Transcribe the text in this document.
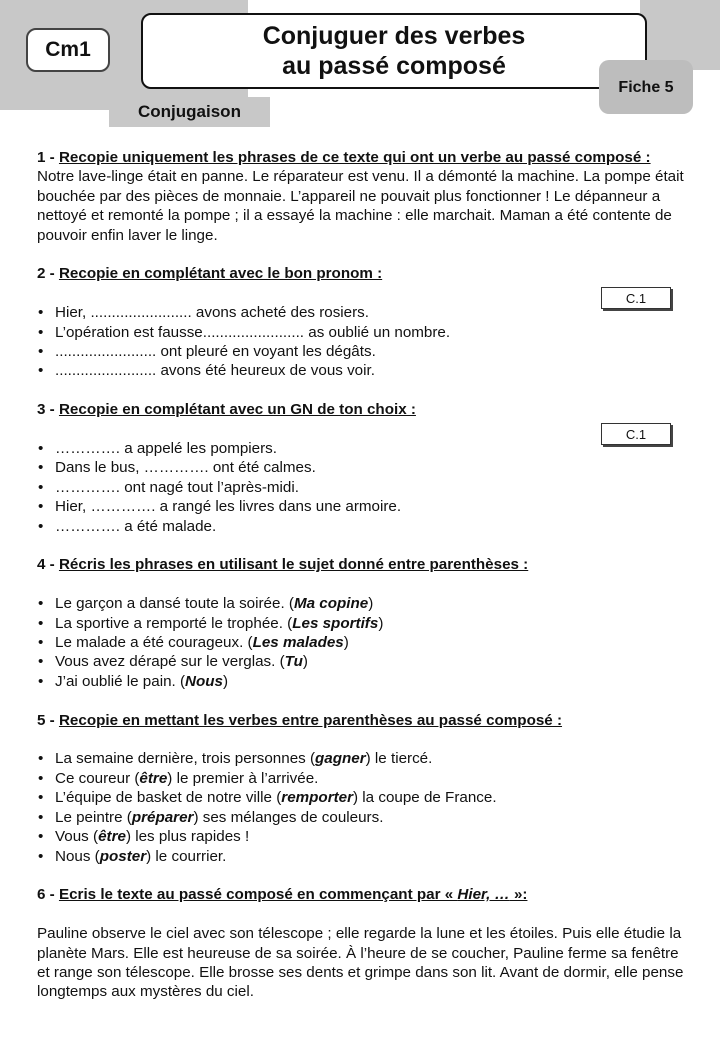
Cm1	Conjuguer des verbes
au passé composé
Fiche 5
Conjugaison
C.1
C.1
1 - Recopie uniquement les phrases de ce texte qui ont un verbe au passé composé :
Notre lave-linge était en panne. Le réparateur est venu. Il a démonté la machine. La pompe était bouchée par des pièces de monnaie. L’appareil ne pouvait plus fonctionner ! Le dépanneur a nettoyé et remonté la pompe ; il a essayé la machine : elle marchait. Maman a été contente de pouvoir enfin laver le linge.
2 - Recopie en complétant avec le bon pronom :
• Hier, ........................ avons acheté des rosiers.
• L’opération est fausse........................ as oublié un nombre.
• ........................ ont pleuré en voyant les dégâts.
• ........................ avons été heureux de vous voir.
3 - Recopie en complétant avec un GN de ton choix :
• …………. a appelé les pompiers.
• Dans le bus, …………. ont été calmes.
• …………. ont nagé tout l’après-midi.
• Hier, …………. a rangé les livres dans une armoire.
• …………. a été malade.
4 - Récris les phrases en utilisant le sujet donné entre parenthèses :
• Le garçon a dansé toute la soirée. (Ma copine)
• La sportive a remporté le trophée. (Les sportifs)
• Le malade a été courageux. (Les malades)
• Vous avez dérapé sur le verglas. (Tu)
• J’ai oublié le pain. (Nous)
5 - Recopie en mettant les verbes entre parenthèses au passé composé :
• La semaine dernière, trois personnes (gagner) le tiercé.
• Ce coureur (être) le premier à l’arrivée.
• L’équipe de basket de notre ville (remporter) la coupe de France.
• Le peintre (préparer) ses mélanges de couleurs.
• Vous (être) les plus rapides !
• Nous (poster) le courrier.
6 - Ecris le texte au passé composé en commençant par « Hier, … »:
Pauline observe le ciel avec son télescope ; elle regarde la lune et les étoiles. Puis elle étudie la planète Mars. Elle est heureuse de sa soirée. À l’heure de se coucher, Pauline ferme sa fenêtre et range son télescope. Elle brosse ses dents et grimpe dans son lit. Avant de dormir, elle pense longtemps aux mystères du ciel.
